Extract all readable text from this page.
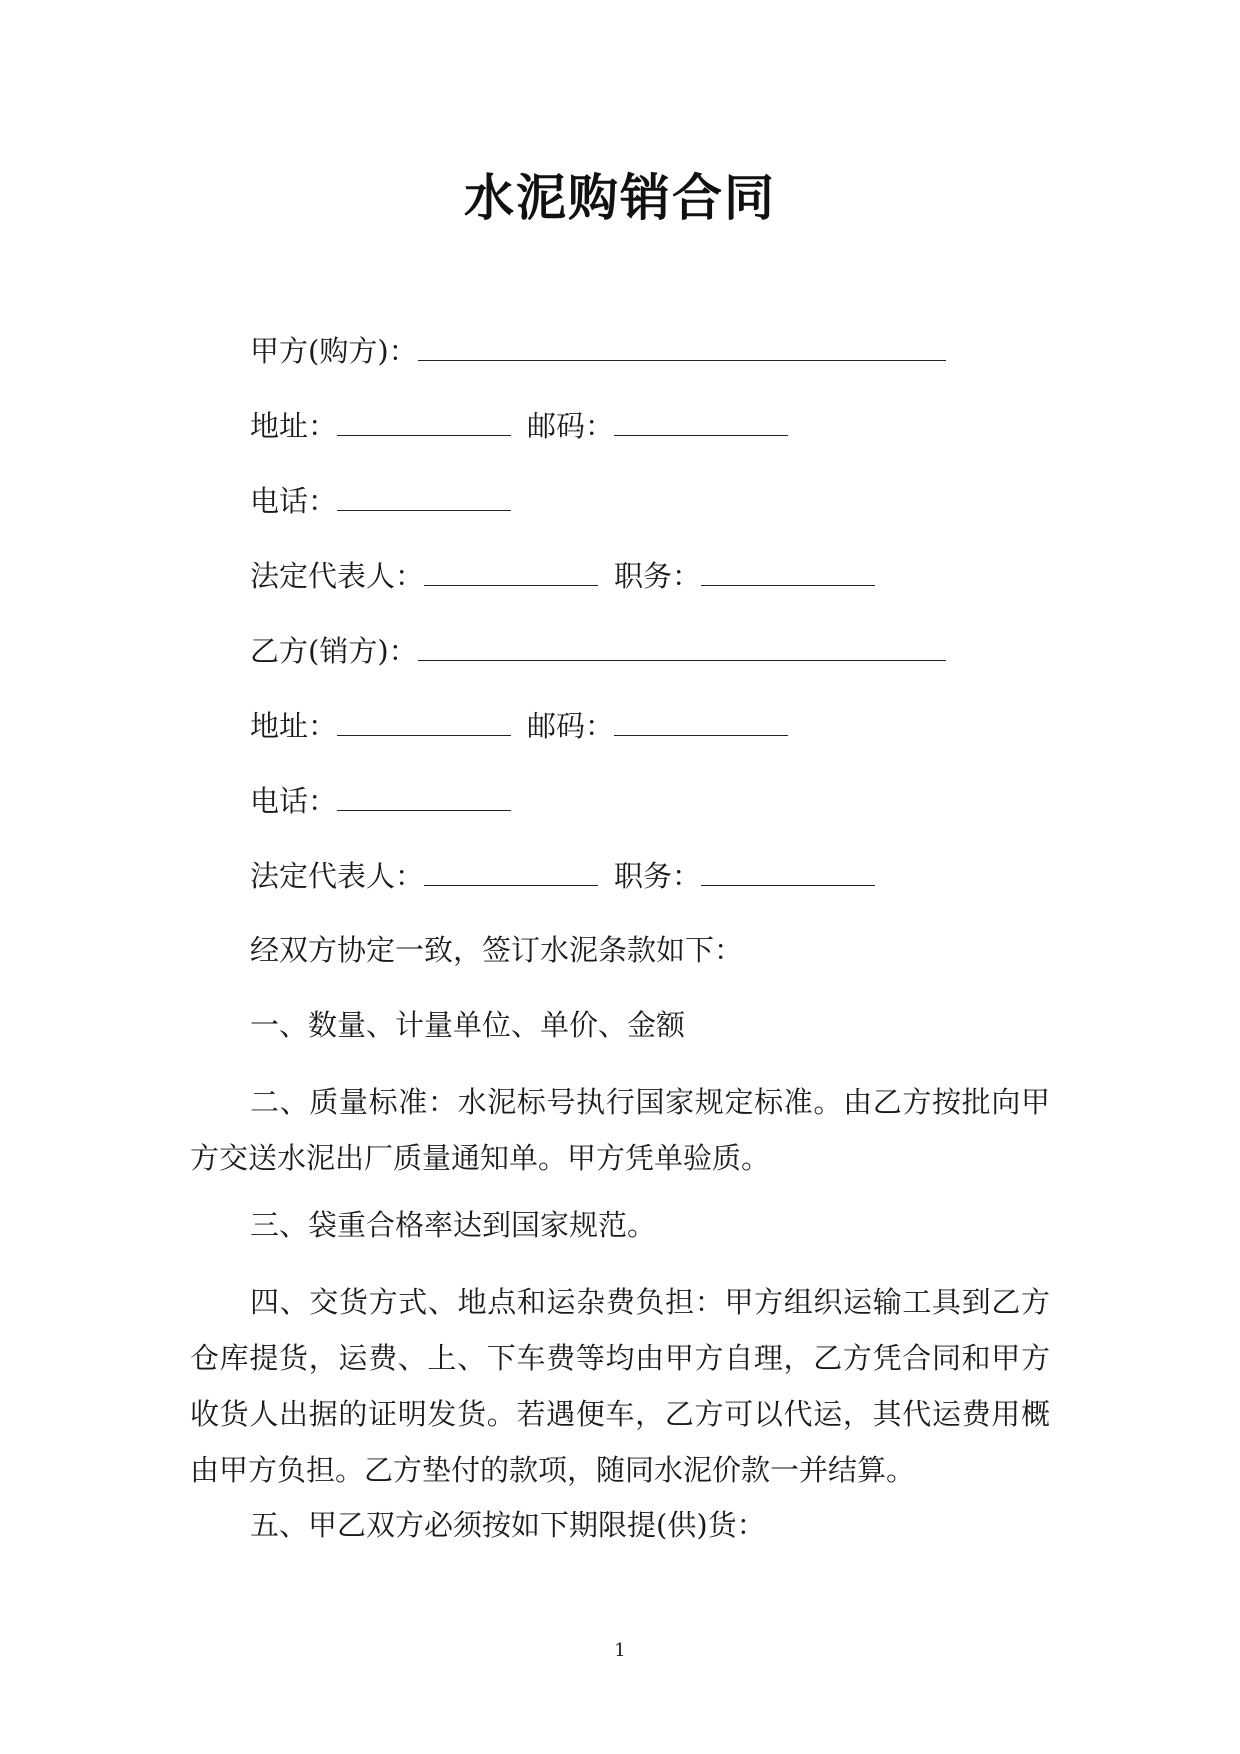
水泥购销合同
甲方(购方)：
地址：	邮码：
电话：
法定代表人：	职务：
乙方(销方)：
地址：	邮码：
电话：
法定代表人：	职务：
经双方协定一致，签订水泥条款如下：
一、数量、计量单位、单价、金额
二、质量标准：水泥标号执行国家规定标准。由乙方按批向甲方交送水泥出厂质量通知单。甲方凭单验质。
三、袋重合格率达到国家规范。
四、交货方式、地点和运杂费负担：甲方组织运输工具到乙方仓库提货，运费、上、下车费等均由甲方自理，乙方凭合同和甲方收货人出据的证明发货。若遇便车，乙方可以代运，其代运费用概由甲方负担。乙方垫付的款项，随同水泥价款一并结算。
五、甲乙双方必须按如下期限提(供)货：
1
